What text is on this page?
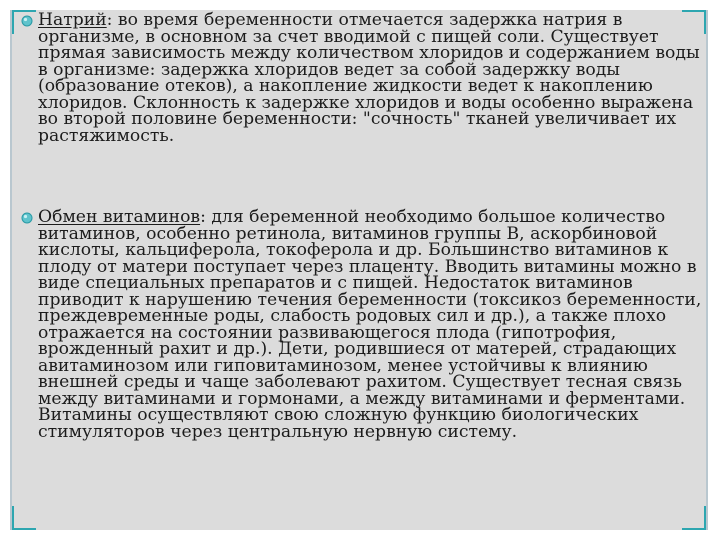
Натрий: во время беременности отмечается задержка натрия в организме, в основном за счет вводимой с пищей соли. Существует прямая зависимость между количеством хлоридов и содержанием воды в организме: задержка хлоридов ведет за собой задержку воды (образование отеков), а накопление жидкости ведет к накоплению хлоридов. Склонность к задержке хлоридов и воды особенно выражена во второй половине беременности: "сочность" тканей увеличивает их растяжимость.

Обмен витаминов: для беременной необходимо большое количество витаминов, особенно ретинола, витаминов группы В, аскорбиновой кислоты, кальциферола, токоферола и др. Большинство витаминов к плоду от матери поступает через плаценту. Вводить витамины можно в виде специальных препаратов и с пищей. Недостаток витаминов приводит к нарушению течения беременности (токсикоз беременности, преждевременные роды, слабость родовых сил и др.), а также плохо отражается на состоянии развивающегося плода (гипотрофия, врожденный рахит и др.). Дети, родившиеся от матерей, страдающих авитаминозом или гиповитаминозом, менее устойчивы к влиянию внешней среды и чаще заболевают рахитом. Существует тесная связь между витаминами и гормонами, а между витаминами и ферментами. Витамины осуществляют свою сложную функцию биологических стимуляторов через центральную нервную систему.
